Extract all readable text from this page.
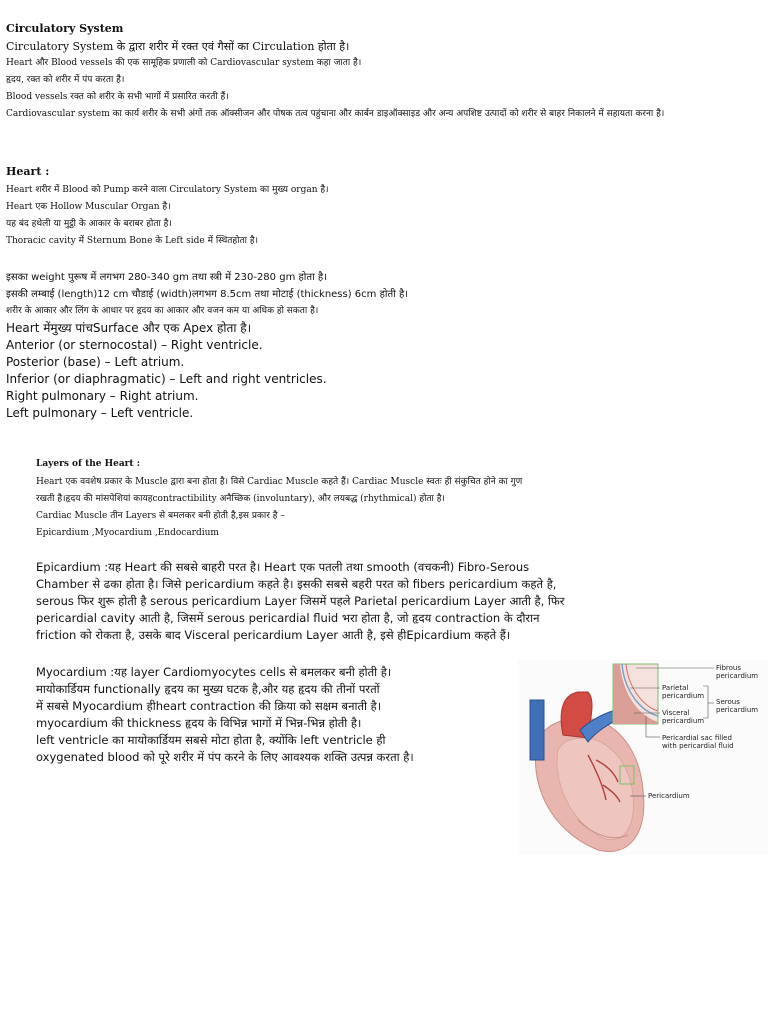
Circulatory System
Circulatory System के द्वारा शरीर में रक्त एवं गैसों का Circulation होता है।
Heart और Blood vessels की एक सामूहिक प्रणाली को Cardiovascular system कहा जाता है।
हृदय, रक्त को शरीर में पंप करता है।
Blood vessels रक्त को शरीर के सभी भागों में प्रसारित करती हैं।
Cardiovascular system का कार्य शरीर के सभी अंगों तक ऑक्सीजन और पोषक तत्व पहुंचाना और कार्बन डाइऑक्साइड और अन्य अपशिष्ट उत्पादों को शरीर से बाहर निकालने में सहायता करना है।
Heart :
Heart शरीर में Blood को Pump करने वाला Circulatory System का मुख्य organ है।
Heart एक Hollow Muscular Organ है।
यह बंद हथेली या मुट्ठी के आकार के बराबर होता है।
Thoracic cavity में Sternum Bone के Left side में स्थितहोता है।
इसका weight पुरूष में लगभग 280-340 gm तथा स्त्री में 230-280 gm होता है।
इसकी लम्बाई (length)12 cm चौडाई (width)लगभग 8.5cm तथा मोटाई (thickness) 6cm होती है।
शरीर के आकार और लिंग के आधार पर हृदय का आकार और वजन कम या अधिक हो सकता है।
Heart मेंमुख्य पांचSurface और एक Apex होता है।
Anterior (or sternocostal) – Right ventricle.
Posterior (base) – Left atrium.
Inferior (or diaphragmatic) – Left and right ventricles.
Right pulmonary – Right atrium.
Left pulmonary – Left ventricle.
Layers of the Heart :
Heart एक ववशेष प्रकार के Muscle द्वारा बना होता है। विसे Cardiac Muscle कहते हैं। Cardiac Muscle स्वतः ही संकुचित होने का गुण
रखती है।हृदय की मांसपेशियां कायहcontractibility अनैच्छिक (involuntary), और लयबद्ध (rhythmical) होता है।
Cardiac Muscle तीन Layers से बमलकर बनी होती है,इस प्रकार है –
Epicardium ,Myocardium ,Endocardium
Epicardium :यह Heart की सबसे बाहरी परत है। Heart एक पतली तथा smooth (वचकनी) Fibro-Serous
Chamber से ढका होता है। जिसे pericardium कहते है। इसकी सबसे बहरी परत को fibers pericardium कहते है,
serous फिर शुरू होती है serous pericardium Layer जिसमें पहले Parietal pericardium Layer आती है, फिर
pericardial cavity आती है, जिसमें serous pericardial fluid भरा होता है, जो हृदय contraction के दौरान
friction को रोकता है, उसके बाद Visceral pericardium Layer आती है, इसे हीEpicardium कहते हैं।
Myocardium :यह layer Cardiomyocytes cells से बमलकर बनी होती है।
मायोकार्डियम functionally हृदय का मुख्य घटक है,और यह हृदय की तीनों परतों
में सबसे Myocardium हीheart contraction की क्रिया को सक्षम बनाती है।
myocardium की thickness हृदय के विभिन्न भागों में भिन्न-भिन्न होती है।
left ventricle का मायोकार्डियम सबसे मोटा होता है, क्योंकि left ventricle ही
oxygenated blood को पूरे शरीर में पंप करने के लिए आवश्यक शक्ति उत्पन्न करता है।
Fibrous
pericardium
Parietal
pericardium
Serous
pericardium
Visceral
pericardium
Pericardial sac filled
with pericardial fluid
Pericardium
